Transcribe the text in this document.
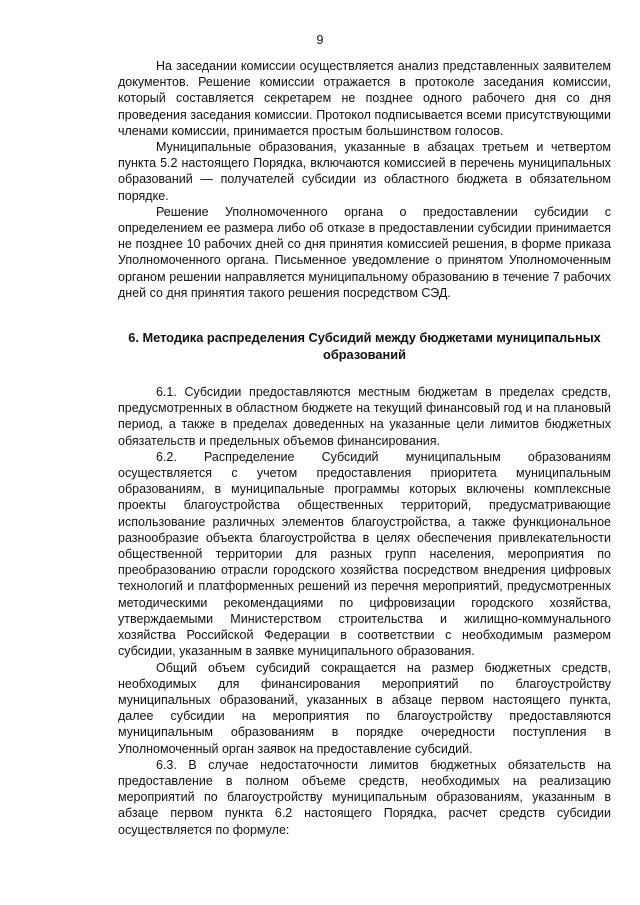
9

На заседании комиссии осуществляется анализ представленных заявителем документов. Решение комиссии отражается в протоколе заседания комиссии, который составляется секретарем не позднее одного рабочего дня со дня проведения заседания комиссии. Протокол подписывается всеми присутствующими членами комиссии, принимается простым большинством голосов.

Муниципальные образования, указанные в абзацах третьем и четвертом пункта 5.2 настоящего Порядка, включаются комиссией в перечень муниципальных образований — получателей субсидии из областного бюджета в обязательном порядке.

Решение Уполномоченного органа о предоставлении субсидии с определением ее размера либо об отказе в предоставлении субсидии принимается не позднее 10 рабочих дней со дня принятия комиссией решения, в форме приказа Уполномоченного органа. Письменное уведомление о принятом Уполномоченным органом решении направляется муниципальному образованию в течение 7 рабочих дней со дня принятия такого решения посредством СЭД.

6. Методика распределения Субсидий между бюджетами муниципальных образований

6.1. Субсидии предоставляются местным бюджетам в пределах средств, предусмотренных в областном бюджете на текущий финансовый год и на плановый период, а также в пределах доведенных на указанные цели лимитов бюджетных обязательств и предельных объемов финансирования.

6.2. Распределение Субсидий муниципальным образованиям осуществляется с учетом предоставления приоритета муниципальным образованиям, в муниципальные программы которых включены комплексные проекты благоустройства общественных территорий, предусматривающие использование различных элементов благоустройства, а также функциональное разнообразие объекта благоустройства в целях обеспечения привлекательности общественной территории для разных групп населения, мероприятия по преобразованию отрасли городского хозяйства посредством внедрения цифровых технологий и платформенных решений из перечня мероприятий, предусмотренных методическими рекомендациями по цифровизации городского хозяйства, утверждаемыми Министерством строительства и жилищно-коммунального хозяйства Российской Федерации в соответствии с необходимым размером субсидии, указанным в заявке муниципального образования.

Общий объем субсидий сокращается на размер бюджетных средств, необходимых для финансирования мероприятий по благоустройству муниципальных образований, указанных в абзаце первом настоящего пункта, далее субсидии на мероприятия по благоустройству предоставляются муниципальным образованиям в порядке очередности поступления в Уполномоченный орган заявок на предоставление субсидий.

6.3. В случае недостаточности лимитов бюджетных обязательств на предоставление в полном объеме средств, необходимых на реализацию мероприятий по благоустройству муниципальным образованиям, указанным в абзаце первом пункта 6.2 настоящего Порядка, расчет средств субсидии осуществляется по формуле:
